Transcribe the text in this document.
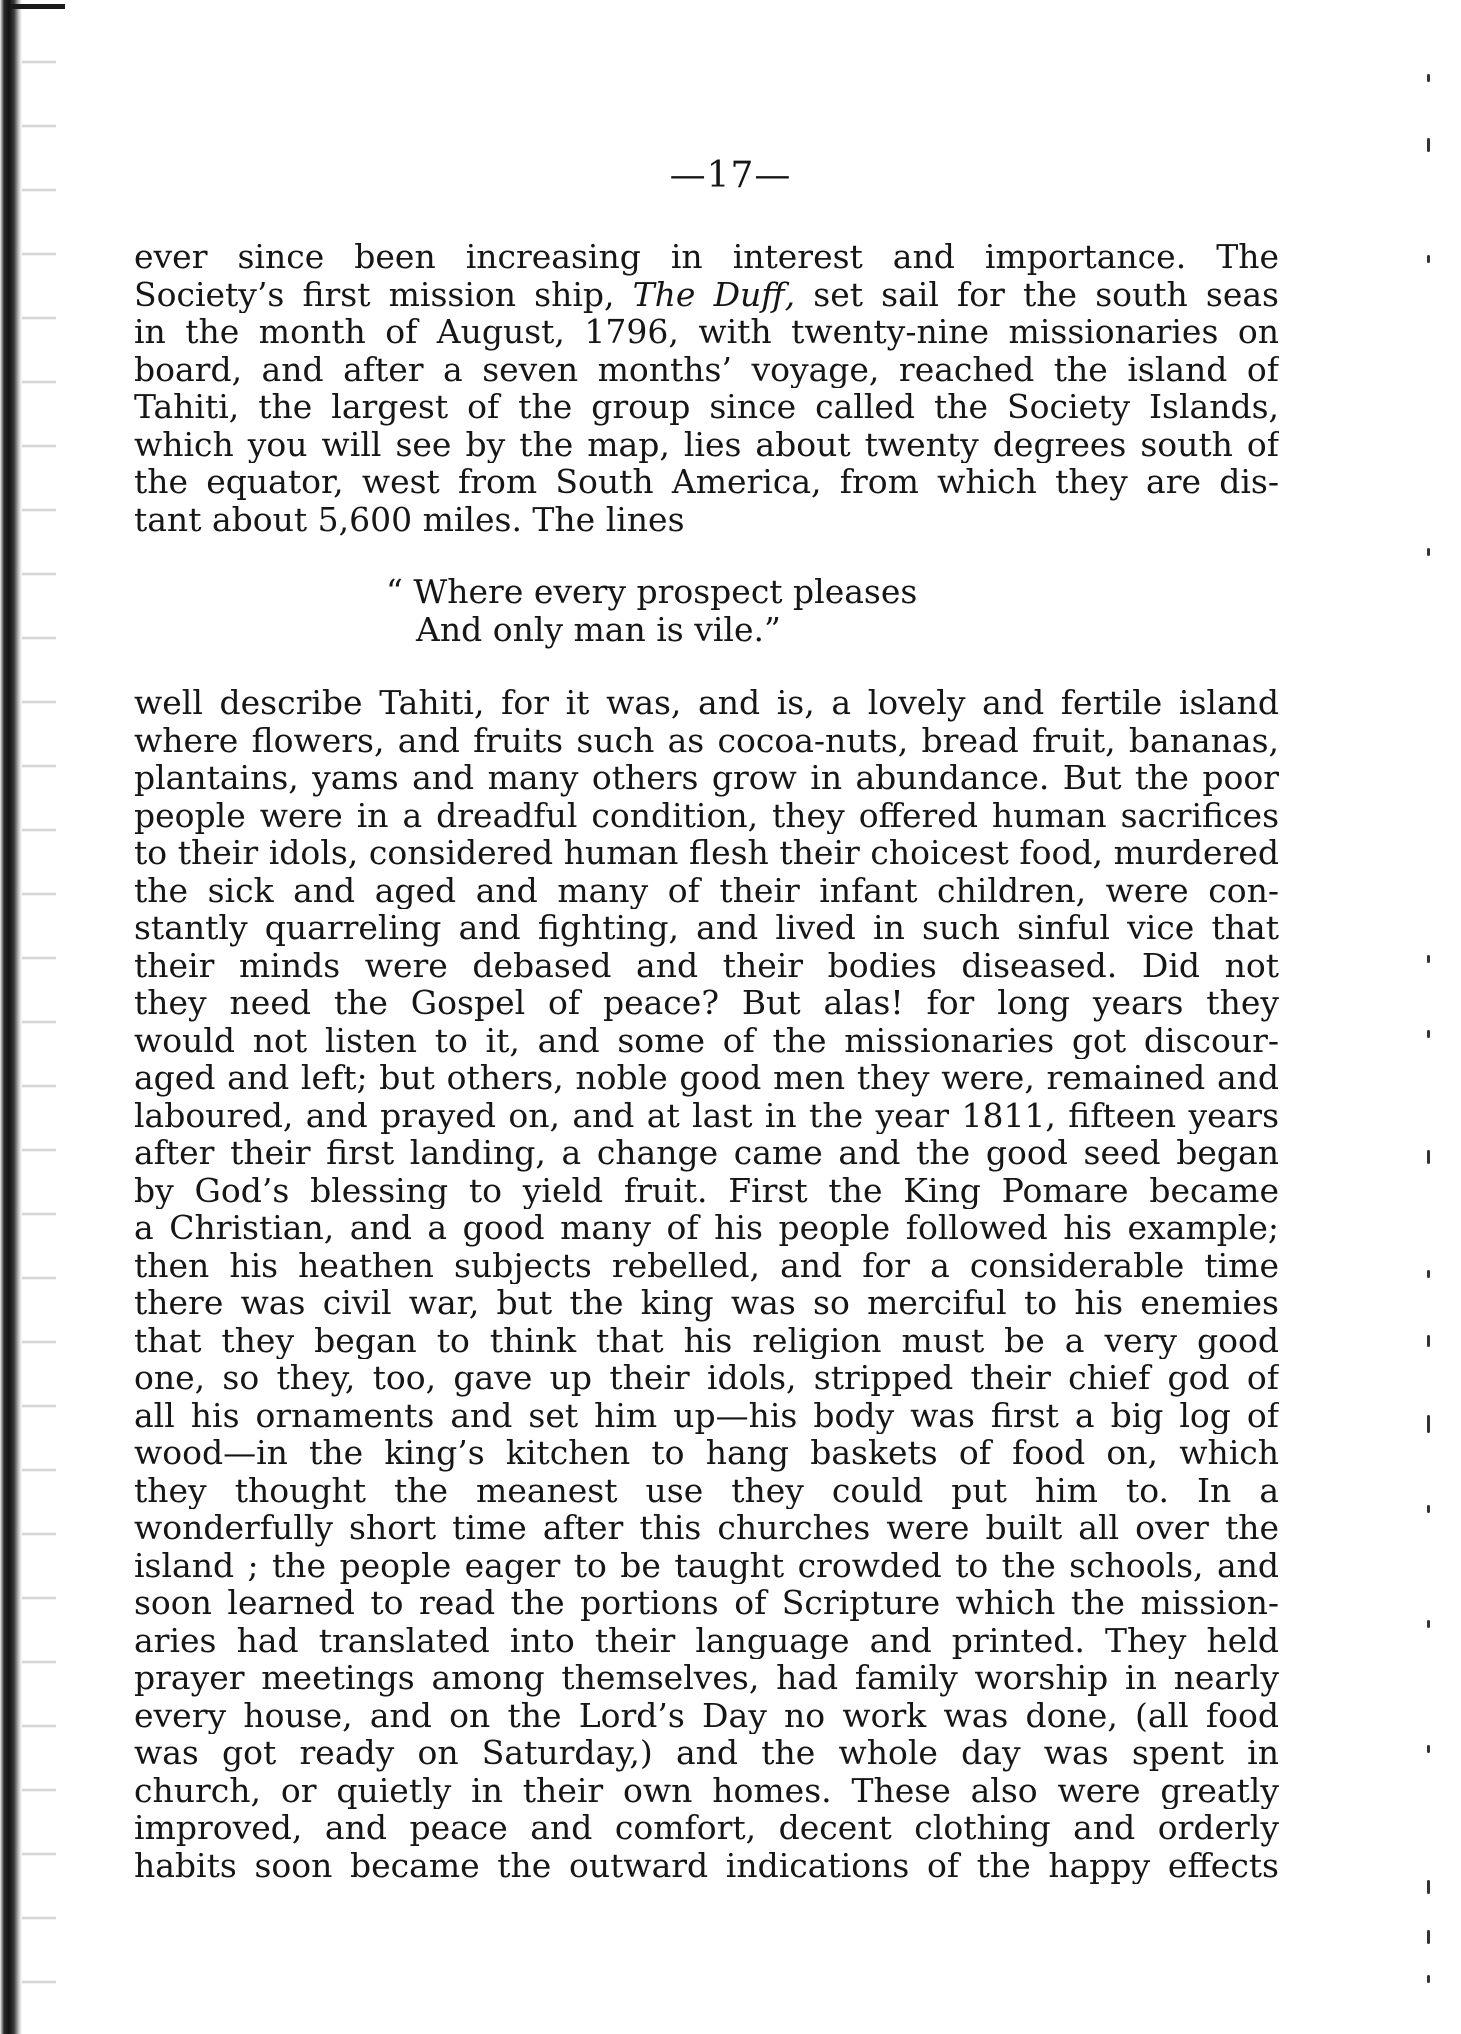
—17—
ever since been increasing in interest and importance. The
Society’s first mission ship, The Duff, set sail for the south seas
in the month of August, 1796, with twenty-nine missionaries on
board, and after a seven months’ voyage, reached the island of
Tahiti, the largest of the group since called the Society Islands,
which you will see by the map, lies about twenty degrees south of
the equator, west from South America, from which they are dis-
tant about 5,600 miles. The lines
“ Where every prospect pleases
And only man is vile.”
well describe Tahiti, for it was, and is, a lovely and fertile island
where flowers, and fruits such as cocoa-nuts, bread fruit, bananas,
plantains, yams and many others grow in abundance. But the poor
people were in a dreadful condition, they offered human sacrifices
to their idols, considered human flesh their choicest food, murdered
the sick and aged and many of their infant children, were con-
stantly quarreling and fighting, and lived in such sinful vice that
their minds were debased and their bodies diseased. Did not
they need the Gospel of peace? But alas! for long years they
would not listen to it, and some of the missionaries got discour-
aged and left; but others, noble good men they were, remained and
laboured, and prayed on, and at last in the year 1811, fifteen years
after their first landing, a change came and the good seed began
by God’s blessing to yield fruit. First the King Pomare became
a Christian, and a good many of his people followed his example;
then his heathen subjects rebelled, and for a considerable time
there was civil war, but the king was so merciful to his enemies
that they began to think that his religion must be a very good
one, so they, too, gave up their idols, stripped their chief god of
all his ornaments and set him up—his body was first a big log of
wood—in the king’s kitchen to hang baskets of food on, which
they thought the meanest use they could put him to. In a
wonderfully short time after this churches were built all over the
island ; the people eager to be taught crowded to the schools, and
soon learned to read the portions of Scripture which the mission-
aries had translated into their language and printed. They held
prayer meetings among themselves, had family worship in nearly
every house, and on the Lord’s Day no work was done, (all food
was got ready on Saturday,) and the whole day was spent in
church, or quietly in their own homes. These also were greatly
improved, and peace and comfort, decent clothing and orderly
habits soon became the outward indications of the happy effects
